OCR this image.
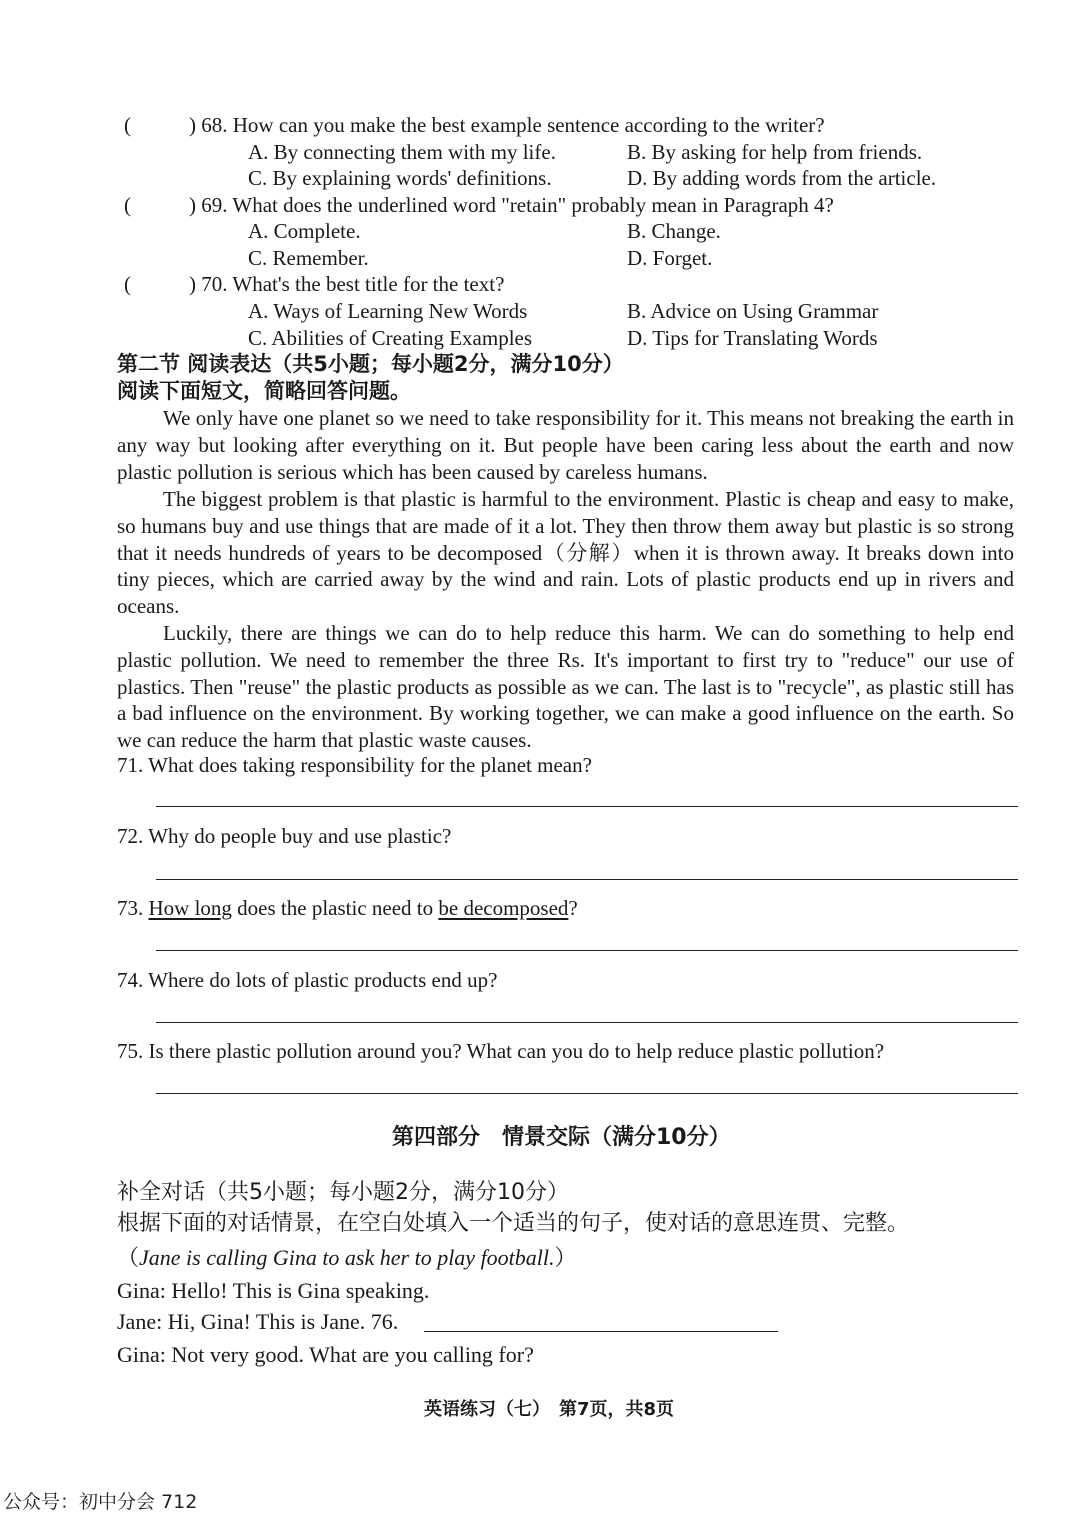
(	) 68. How can you make the best example sentence according to the writer?
A. By connecting them with my life.	B. By asking for help from friends.
C. By explaining words' definitions.	D. By adding words from the article.
(	) 69. What does the underlined word "retain" probably mean in Paragraph 4?
A. Complete.	B. Change.
C. Remember.	D. Forget.
(	) 70. What's the best title for the text?
A. Ways of Learning New Words	B. Advice on Using Grammar
C. Abilities of Creating Examples	D. Tips for Translating Words
第二节 阅读表达（共5小题；每小题2分，满分10分）
阅读下面短文，简略回答问题。
We only have one planet so we need to take responsibility for it. This means not breaking the earth in any way but looking after everything on it. But people have been caring less about the earth and now plastic pollution is serious which has been caused by careless humans.
The biggest problem is that plastic is harmful to the environment. Plastic is cheap and easy to make, so humans buy and use things that are made of it a lot. They then throw them away but plastic is so strong that it needs hundreds of years to be decomposed（分解）when it is thrown away. It breaks down into tiny pieces, which are carried away by the wind and rain. Lots of plastic products end up in rivers and oceans.
Luckily, there are things we can do to help reduce this harm. We can do something to help end plastic pollution. We need to remember the three Rs. It's important to first try to "reduce" our use of plastics. Then "reuse" the plastic products as possible as we can. The last is to "recycle", as plastic still has a bad influence on the environment. By working together, we can make a good influence on the earth. So we can reduce the harm that plastic waste causes.
71. What does taking responsibility for the planet mean?
72. Why do people buy and use plastic?
73. How long does the plastic need to be decomposed?
74. Where do lots of plastic products end up?
75. Is there plastic pollution around you? What can you do to help reduce plastic pollution?
第四部分　情景交际（满分10分）
补全对话（共5小题；每小题2分，满分10分）
根据下面的对话情景，在空白处填入一个适当的句子，使对话的意思连贯、完整。
（Jane is calling Gina to ask her to play football.）
Gina: Hello! This is Gina speaking.
Jane: Hi, Gina! This is Jane. 76.
Gina: Not very good. What are you calling for?
英语练习（七）　第7页，共8页
公众号：初中分会 712
